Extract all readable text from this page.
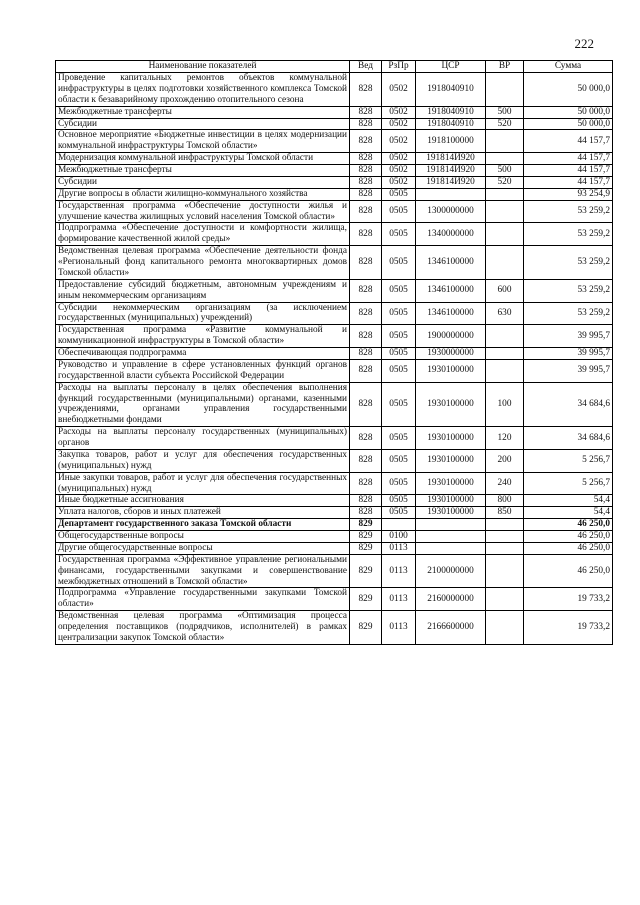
222
Наименование показателей	Вед	РзПр	ЦСР	ВР	Сумма
Проведение капитальных ремонтов объектов коммунальной инфраструктуры в целях подготовки хозяйственного комплекса Томской области к безаварийному прохождению отопительного сезона	828	0502	1918040910		50 000,0
Межбюджетные трансферты	828	0502	1918040910	500	50 000,0
Субсидии	828	0502	1918040910	520	50 000,0
Основное мероприятие «Бюджетные инвестиции в целях модернизации коммунальной инфраструктуры Томской области»	828	0502	1918100000		44 157,7
Модернизация коммунальной инфраструктуры Томской области	828	0502	191814И920		44 157,7
Межбюджетные трансферты	828	0502	191814И920	500	44 157,7
Субсидии	828	0502	191814И920	520	44 157,7
Другие вопросы в области жилищно-коммунального хозяйства	828	0505			93 254,9
Государственная программа «Обеспечение доступности жилья и улучшение качества жилищных условий населения Томской области»	828	0505	1300000000		53 259,2
Подпрограмма «Обеспечение доступности и комфортности жилища, формирование качественной жилой среды»	828	0505	1340000000		53 259,2
Ведомственная целевая программа «Обеспечение деятельности фонда «Региональный фонд капитального ремонта многоквартирных домов Томской области»	828	0505	1346100000		53 259,2
Предоставление субсидий бюджетным, автономным учреждениям и иным некоммерческим организациям	828	0505	1346100000	600	53 259,2
Субсидии некоммерческим организациям (за исключением государственных (муниципальных) учреждений)	828	0505	1346100000	630	53 259,2
Государственная программа «Развитие коммунальной и коммуникационной инфраструктуры в Томской области»	828	0505	1900000000		39 995,7
Обеспечивающая подпрограмма	828	0505	1930000000		39 995,7
Руководство и управление в сфере установленных функций органов государственной власти субъекта Российской Федерации	828	0505	1930100000		39 995,7
Расходы на выплаты персоналу в целях обеспечения выполнения функций государственными (муниципальными) органами, казенными учреждениями, органами управления государственными внебюджетными фондами	828	0505	1930100000	100	34 684,6
Расходы на выплаты персоналу государственных (муниципальных) органов	828	0505	1930100000	120	34 684,6
Закупка товаров, работ и услуг для обеспечения государственных (муниципальных) нужд	828	0505	1930100000	200	5 256,7
Иные закупки товаров, работ и услуг для обеспечения государственных (муниципальных) нужд	828	0505	1930100000	240	5 256,7
Иные бюджетные ассигнования	828	0505	1930100000	800	54,4
Уплата налогов, сборов и иных платежей	828	0505	1930100000	850	54,4
Департамент государственного заказа Томской области	829				46 250,0
Общегосударственные вопросы	829	0100			46 250,0
Другие общегосударственные вопросы	829	0113			46 250,0
Государственная программа «Эффективное управление региональными финансами, государственными закупками и совершенствование межбюджетных отношений в Томской области»	829	0113	2100000000		46 250,0
Подпрограмма «Управление государственными закупками Томской области»	829	0113	2160000000		19 733,2
Ведомственная целевая программа «Оптимизация процесса определения поставщиков (подрядчиков, исполнителей) в рамках централизации закупок Томской области»	829	0113	2166600000		19 733,2
